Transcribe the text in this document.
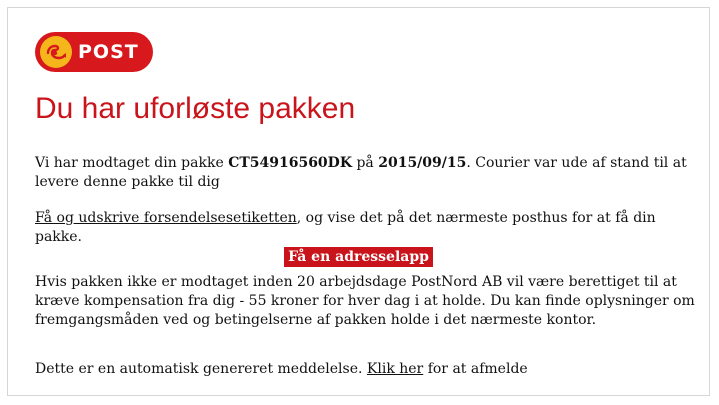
POST
Du har uforløste pakken
Vi har modtaget din pakke CT54916560DK på 2015/09/15. Courier var ude af stand til at levere denne pakke til dig
Få og udskrive forsendelsesetiketten, og vise det på det nærmeste posthus for at få din pakke.
Få en adresselapp
Hvis pakken ikke er modtaget inden 20 arbejdsdage PostNord AB vil være berettiget til at kræve kompensation fra dig - 55 kroner for hver dag i at holde. Du kan finde oplysninger om fremgangsmåden ved og betingelserne af pakken holde i det nærmeste kontor.
Dette er en automatisk genereret meddelelse. Klik her for at afmelde
